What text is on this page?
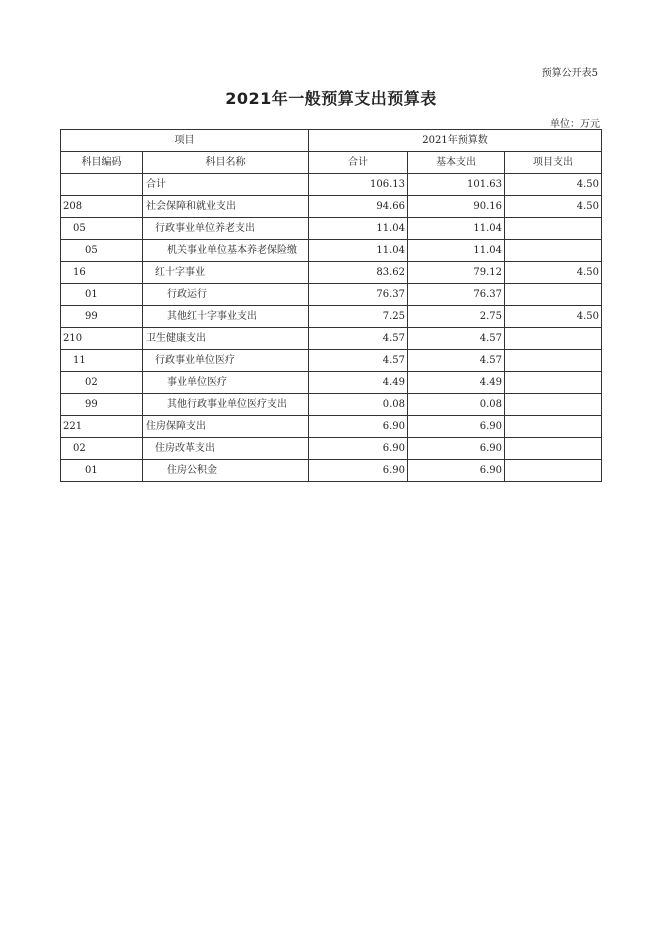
预算公开表5
2021年一般预算支出预算表
单位：万元
项目		2021年预算数		
科目编码	科目名称	合计	基本支出	项目支出
	合计	106.13	101.63	4.50
208	社会保障和就业支出	94.66	90.16	4.50
05	行政事业单位养老支出	11.04	11.04	
05	机关事业单位基本养老保险缴	11.04	11.04	
16	红十字事业	83.62	79.12	4.50
01	行政运行	76.37	76.37	
99	其他红十字事业支出	7.25	2.75	4.50
210	卫生健康支出	4.57	4.57	
11	行政事业单位医疗	4.57	4.57	
02	事业单位医疗	4.49	4.49	
99	其他行政事业单位医疗支出	0.08	0.08	
221	住房保障支出	6.90	6.90	
02	住房改革支出	6.90	6.90	
01	住房公积金	6.90	6.90	
